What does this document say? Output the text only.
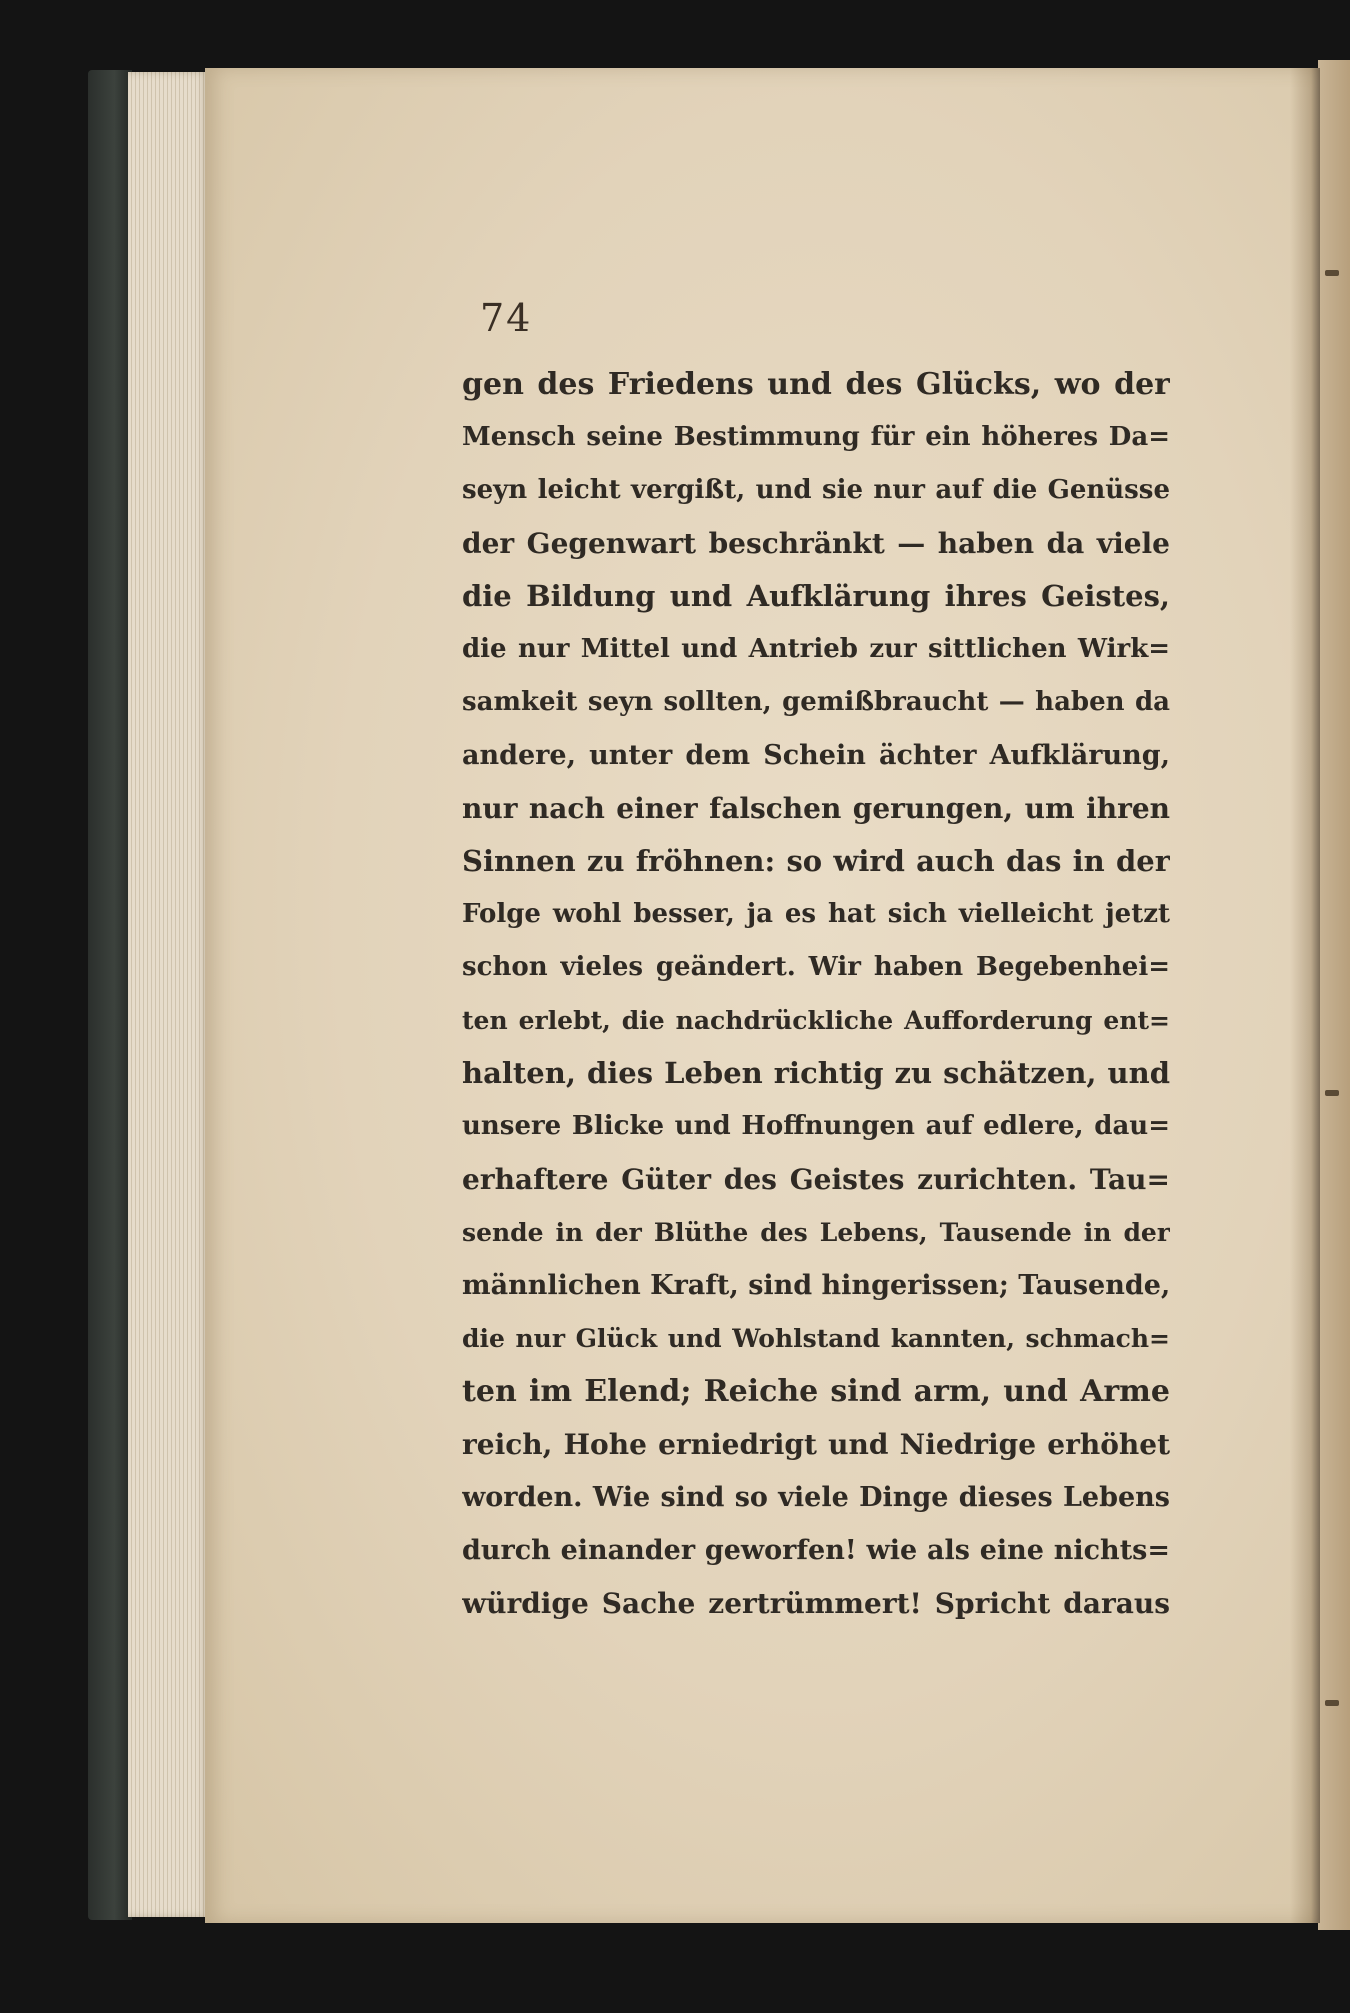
74
gen des Friedens und des Glücks, wo der
Mensch seine Bestimmung für ein höheres Da=
seyn leicht vergißt, und sie nur auf die Genüsse
der Gegenwart beschränkt — haben da viele
die Bildung und Aufklärung ihres Geistes,
die nur Mittel und Antrieb zur sittlichen Wirk=
samkeit seyn sollten, gemißbraucht — haben da
andere, unter dem Schein ächter Aufklärung,
nur nach einer falschen gerungen, um ihren
Sinnen zu fröhnen: so wird auch das in der
Folge wohl besser, ja es hat sich vielleicht jetzt
schon vieles geändert. Wir haben Begebenhei=
ten erlebt, die nachdrückliche Aufforderung ent=
halten, dies Leben richtig zu schätzen, und
unsere Blicke und Hoffnungen auf edlere, dau=
erhaftere Güter des Geistes zurichten. Tau=
sende in der Blüthe des Lebens, Tausende in der
männlichen Kraft, sind hingerissen; Tausende,
die nur Glück und Wohlstand kannten, schmach=
ten im Elend; Reiche sind arm, und Arme
reich, Hohe erniedrigt und Niedrige erhöhet
worden. Wie sind so viele Dinge dieses Lebens
durch einander geworfen! wie als eine nichts=
würdige Sache zertrümmert! Spricht daraus
